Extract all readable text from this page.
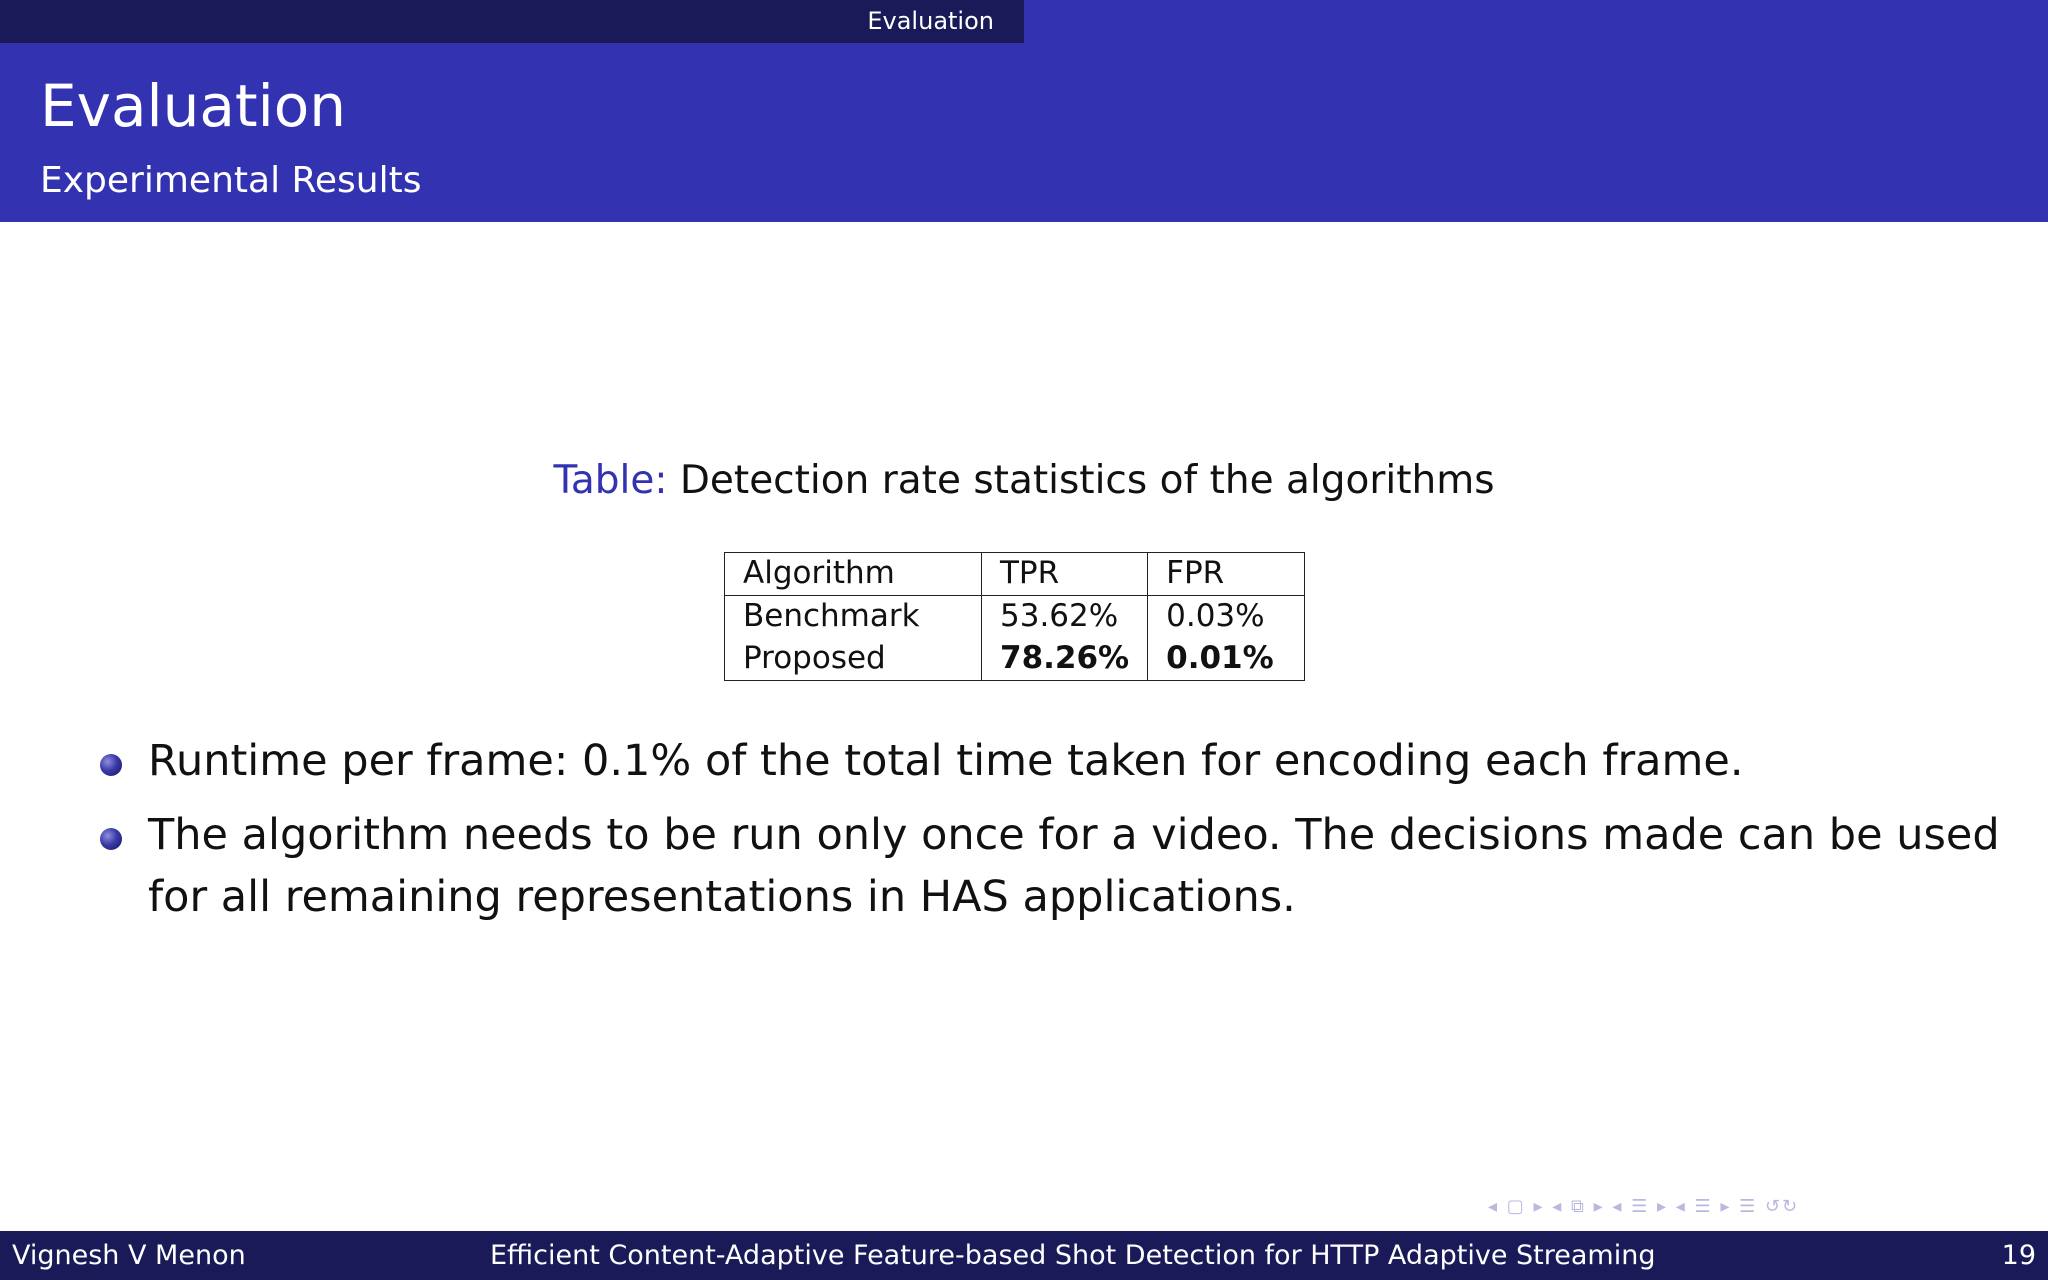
Evaluation
Evaluation
Experimental Results
Table: Detection rate statistics of the algorithms
Algorithm	TPR	FPR
Benchmark	53.62%	0.03%
Proposed	78.26%	0.01%
Runtime per frame: 0.1% of the total time taken for encoding each frame.
The algorithm needs to be run only once for a video. The decisions made can be used for all remaining representations in HAS applications.
◂ ▢ ▸ ◂ ⧉ ▸ ◂ ☰ ▸ ◂ ☰ ▸ ☰ ↺↻
Vignesh V Menon	Efficient Content-Adaptive Feature-based Shot Detection for HTTP Adaptive Streaming	19
